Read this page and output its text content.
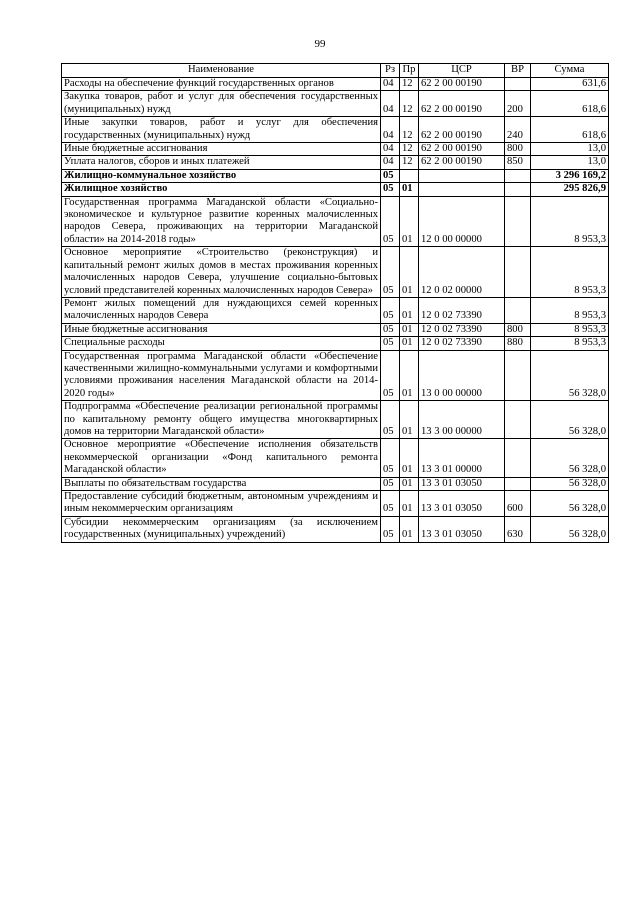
99
Наименование	Рз	Пр	ЦСР	ВР	Сумма
Расходы на обеспечение функций государственных органов	04	12	62 2 00 00190		631,6
Закупка товаров, работ и услуг для обеспечения государственных (муниципальных) нужд	04	12	62 2 00 00190	200	618,6
Иные закупки товаров, работ и услуг для обеспечения государственных (муниципальных) нужд	04	12	62 2 00 00190	240	618,6
Иные бюджетные ассигнования	04	12	62 2 00 00190	800	13,0
Уплата налогов, сборов и иных платежей	04	12	62 2 00 00190	850	13,0
Жилищно-коммунальное хозяйство	05				3 296 169,2
Жилищное хозяйство	05	01			295 826,9
Государственная программа Магаданской области «Социально-экономическое и культурное развитие коренных малочисленных народов Севера, проживающих на территории Магаданской области» на 2014-2018 годы»	05	01	12 0 00 00000		8 953,3
Основное мероприятие «Строительство (реконструкция) и капитальный ремонт жилых домов в местах проживания коренных малочисленных народов Севера, улучшение социально-бытовых условий представителей коренных малочисленных народов Севера»	05	01	12 0 02 00000		8 953,3
Ремонт жилых помещений для нуждающихся семей коренных малочисленных народов Севера	05	01	12 0 02 73390		8 953,3
Иные бюджетные ассигнования	05	01	12 0 02 73390	800	8 953,3
Специальные расходы	05	01	12 0 02 73390	880	8 953,3
Государственная программа Магаданской области «Обеспечение качественными жилищно-коммунальными услугами и комфортными условиями проживания населения Магаданской области на 2014-2020 годы»	05	01	13 0 00 00000		56 328,0
Подпрограмма «Обеспечение реализации региональной программы по капитальному ремонту общего имущества многоквартирных домов на территории Магаданской области»	05	01	13 3 00 00000		56 328,0
Основное мероприятие «Обеспечение исполнения обязательств некоммерческой организации «Фонд капитального ремонта Магаданской области»	05	01	13 3 01 00000		56 328,0
Выплаты по обязательствам государства	05	01	13 3 01 03050		56 328,0
Предоставление субсидий бюджетным, автономным учреждениям и иным некоммерческим организациям	05	01	13 3 01 03050	600	56 328,0
Субсидии некоммерческим организациям (за исключением государственных (муниципальных) учреждений)	05	01	13 3 01 03050	630	56 328,0
